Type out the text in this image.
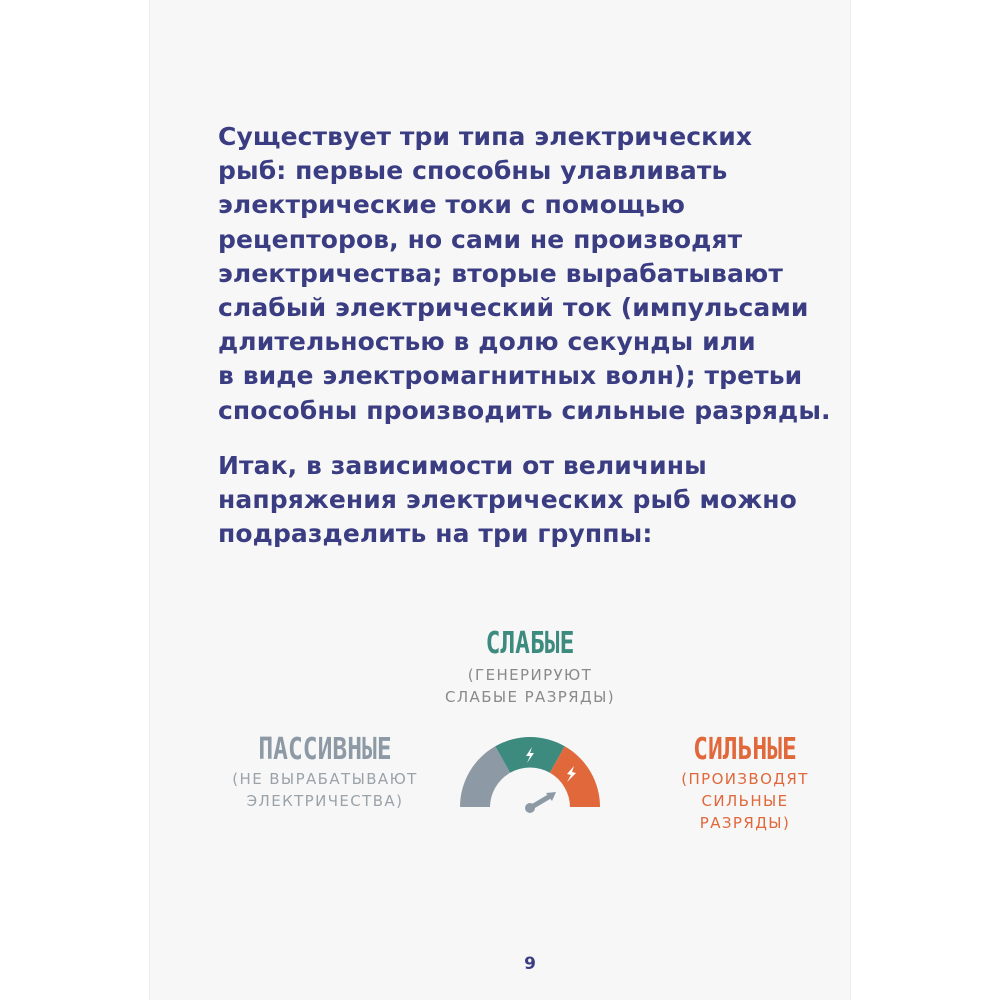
Существует три типа электрических
рыб: первые способны улавливать
электрические токи с помощью
рецепторов, но сами не производят
электричества; вторые вырабатывают
слабый электрический ток (импульсами
длительностью в долю секунды или
в виде электромагнитных волн); третьи
способны производить сильные разряды.
Итак, в зависимости от величины
напряжения электрических рыб можно
подразделить на три группы:
СЛАБЫЕ
(ГЕНЕРИРУЮТ
СЛАБЫЕ РАЗРЯДЫ)
ПАССИВНЫЕ
(НЕ ВЫРАБАТЫВАЮТ
ЭЛЕКТРИЧЕСТВА)
СИЛЬНЫЕ
(ПРОИЗВОДЯТ
СИЛЬНЫЕ
РАЗРЯДЫ)
9
